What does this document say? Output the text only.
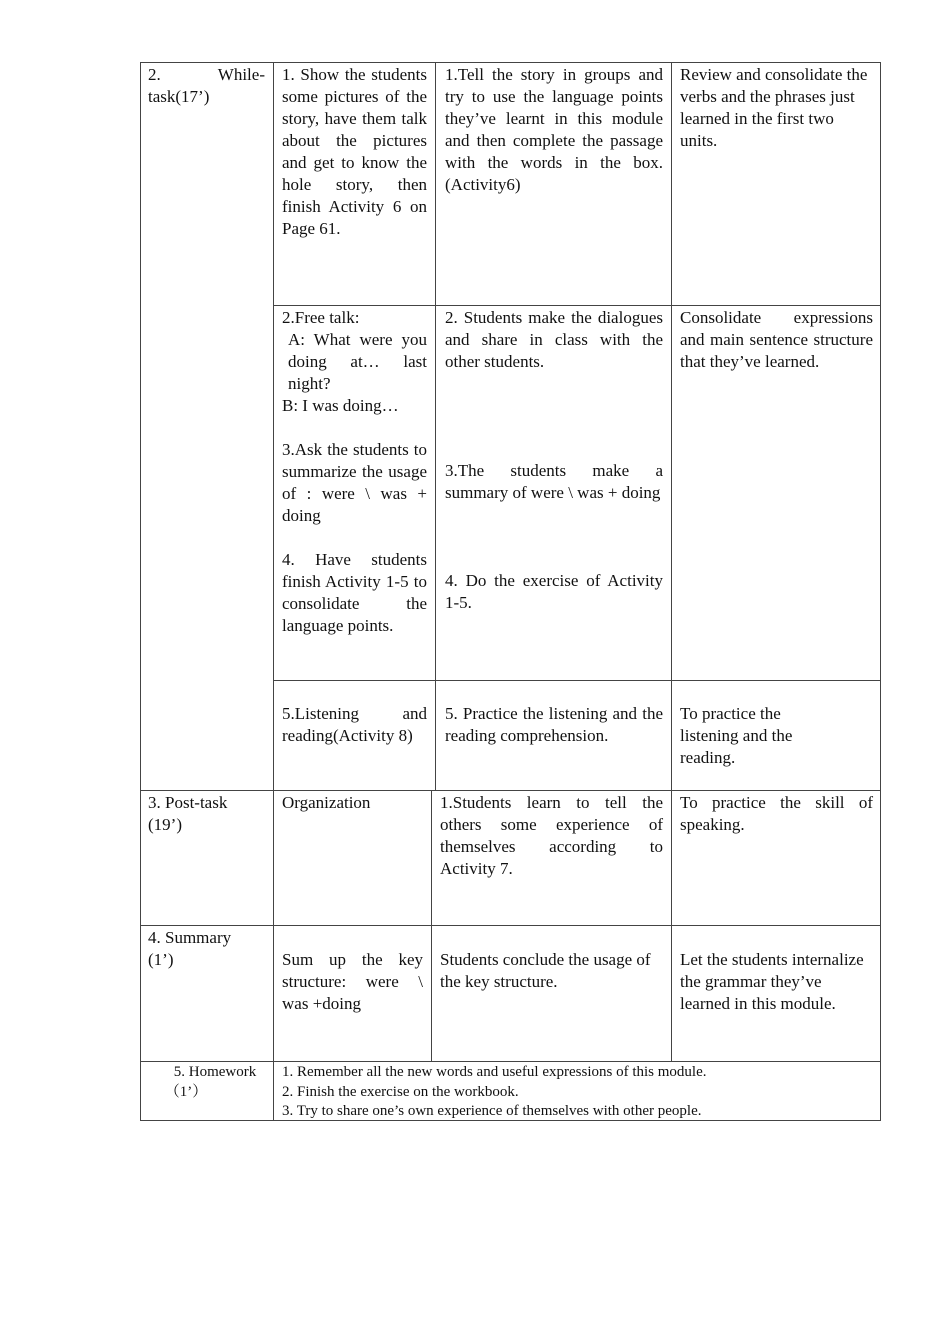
2. While-task(17’)
1. Show the students some pictures of the story, have them talk about the pictures and get to know the hole story, then finish Activity 6 on Page 61.
1.Tell the story in groups and try to use the language points they’ve learnt in this module and then complete the passage with the words in the box.(Activity6)
Review and consolidate the verbs and the phrases just learned in the first two units.
2.Free talk:
A: What were you doing at… last night?
B: I was doing…
3.Ask the students to summarize the usage of : were \ was + doing
4. Have students finish Activity 1-5 to consolidate the language points.
2. Students make the dialogues and share in class with the other students.
3.The students make a summary of were \ was + doing
4. Do the exercise of Activity 1-5.
Consolidate expressions and main sentence structure that they’ve learned.
5.Listening and reading(Activity 8)
5. Practice the listening and the reading comprehension.
To practice the listening and the reading.
3. Post-task (19’)
Organization	1.Students learn to tell the others some experience of themselves according to Activity 7.
To practice the skill of speaking.
4. Summary (1’)	Sum up the key structure: were \ was +doing
Students conclude the usage of the key structure.
Let the students internalize the grammar they’ve learned in this module.
5. Homework
（1’）
1. Remember all the new words and useful expressions of this module.
2. Finish the exercise on the workbook.
3. Try to share one’s own experience of themselves with other people.
